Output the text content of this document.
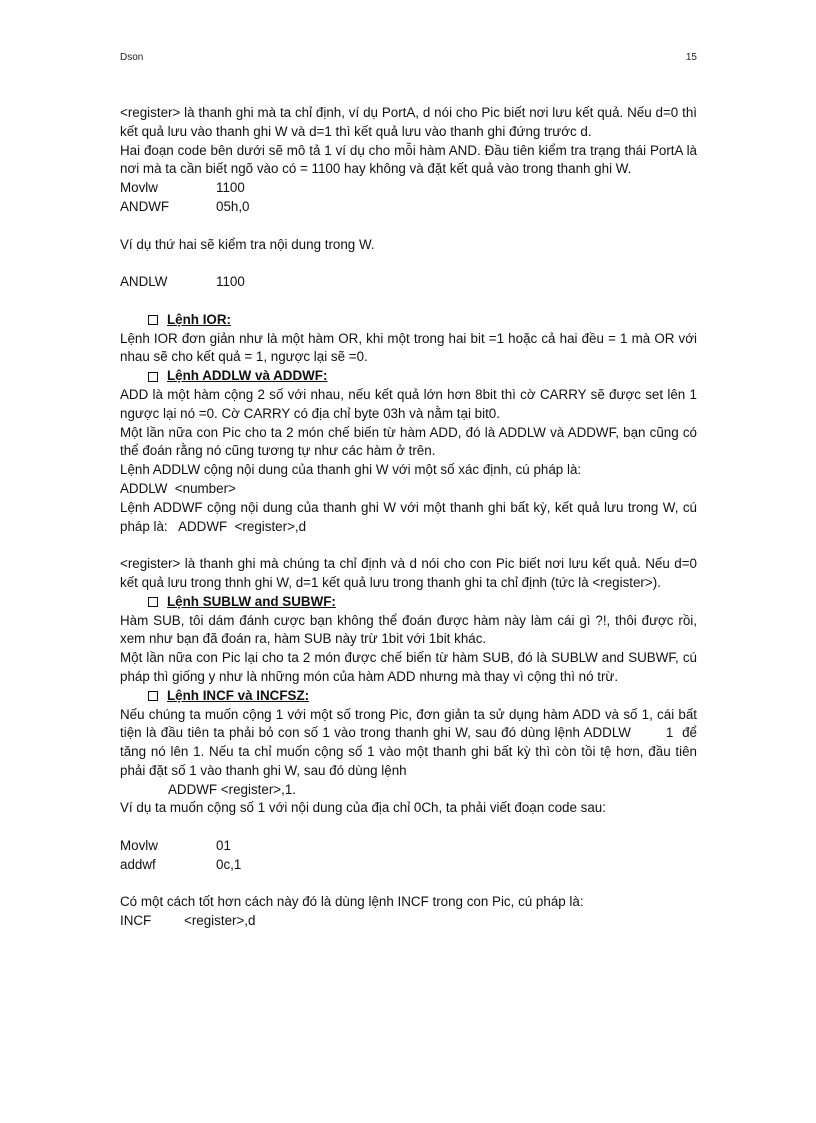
Dson	15

<register> là thanh ghi mà ta chỉ định, ví dụ PortA, d nói cho Pic biết nơi lưu kết quả. Nếu d=0 thì kết quả lưu vào thanh ghi W và d=1 thì kết quả lưu vào thanh ghi đứng trước d.

Hai đoạn code bên dưới sẽ mô tả 1 ví dụ cho mỗi hàm AND. Đầu tiên kiểm tra trạng thái PortA là nơi mà ta cần biết ngõ vào có = 1100 hay không và đặt kết quả vào trong thanh ghi W.

Movlw	1100
ANDWF	05h,0

Ví dụ thứ hai sẽ kiểm tra nội dung trong W.

ANDLW	1100
Lệnh IOR:

Lệnh IOR đơn giản như là một hàm OR, khi một trong hai bit =1 hoặc cả hai đều = 1 mà OR với nhau sẽ cho kết quả = 1, ngược lại sẽ =0.

Lệnh ADDLW và ADDWF:

ADD là một hàm cộng 2 số với nhau, nếu kết quả lớn hơn 8bit thì cờ CARRY sẽ được set lên 1 ngược lại nó =0. Cờ CARRY có địa chỉ byte 03h và nằm tại bit0.

Một lần nữa con Pic cho ta 2 món chế biến từ hàm ADD, đó là ADDLW và ADDWF, bạn cũng có thể đoán rằng nó cũng tương tự như các hàm ở trên.

Lệnh ADDLW cộng nội dung của thanh ghi W với một số xác định, cú pháp là:

ADDLW  <number>

Lệnh ADDWF cộng nội dung của thanh ghi W với một thanh ghi bất kỳ, kết quả lưu trong W, cú pháp là:   ADDWF  <register>,d

<register> là thanh ghi mà chúng ta chỉ định và d nói cho con Pic biết nơi lưu kết quả. Nếu d=0 kết quả lưu trong thnh ghi W, d=1 kết quả lưu trong thanh ghi ta chỉ định (tức là <register>).

Lệnh SUBLW and SUBWF:

Hàm SUB, tôi dám đánh cược bạn không thể đoán được hàm này làm cái gì ?!, thôi được rồi, xem như bạn đã đoán ra, hàm SUB này trừ 1bit với 1bit khác.

Một lần nữa con Pic lại cho ta 2 món được chế biến từ hàm SUB, đó là SUBLW and SUBWF, cú pháp thì giống y như là những món của hàm ADD nhưng mà thay vì cộng thì nó trừ.

Lệnh INCF và INCFSZ:

Nếu chúng ta muốn cộng 1 với một số trong Pic, đơn giản ta sử dụng hàm ADD và số 1, cái bất tiện là đầu tiên ta phải bỏ con số 1 vào trong thanh ghi W, sau đó dùng lệnh ADDLW        1  để tăng nó lên 1. Nếu ta chỉ muốn cộng số 1 vào một thanh ghi bất kỳ thì còn tồi tệ hơn, đầu tiên phải đặt số 1 vào thanh ghi W, sau đó dùng lệnh

ADDWF <register>,1.

Ví dụ ta muốn cộng số 1 với nội dung của địa chỉ 0Ch, ta phải viết đoạn code sau:

Movlw	01
addwf	0c,1

Có một cách tốt hơn cách này đó là dùng lệnh INCF trong con Pic, cú pháp là:

INCF	<register>,d
